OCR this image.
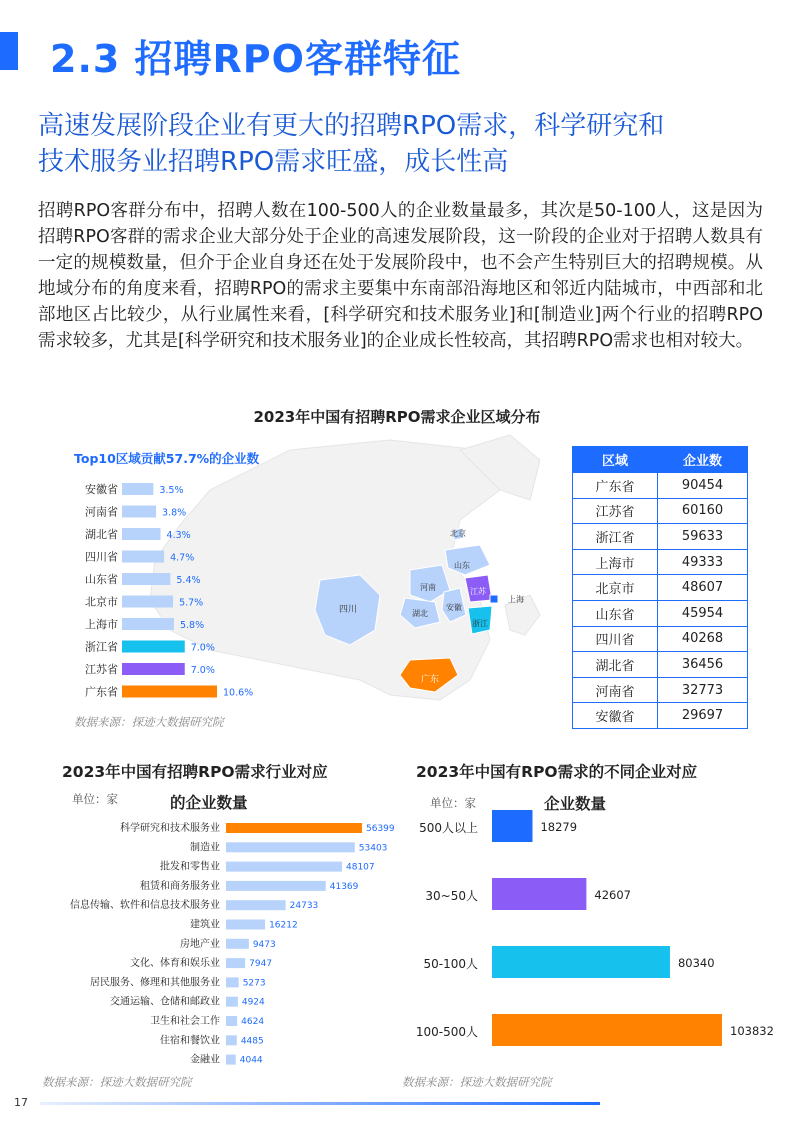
2.3 招聘RPO客群特征
高速发展阶段企业有更大的招聘RPO需求，科学研究和
技术服务业招聘RPO需求旺盛，成长性高
招聘RPO客群分布中，招聘人数在100-500人的企业数量最多，其次是50-100人，这是因为招聘RPO客群的需求企业大部分处于企业的高速发展阶段，这一阶段的企业对于招聘人数具有一定的规模数量，但介于企业自身还在处于发展阶段中，也不会产生特别巨大的招聘规模。从地域分布的角度来看，招聘RPO的需求主要集中东南部沿海地区和邻近内陆城市，中西部和北部地区占比较少，从行业属性来看，[科学研究和技术服务业]和[制造业]两个行业的招聘RPO需求较多，尤其是[科学研究和技术服务业]的企业成长性较高，其招聘RPO需求也相对较大。
2023年中国有招聘RPO需求企业区域分布
北京
山东
河南	江苏
湖北
安徽
上海
四川
浙江
广东
Top10区域贡献57.7%的企业数
安徽省	3.5%
河南省	3.8%
湖北省	4.3%
四川省	4.7%
山东省	5.4%
北京市	5.7%
上海市	5.8%
浙江省	7.0%
江苏省	7.0%
广东省	10.6%
数据来源：探迹大数据研究院
区域	企业数
广东省	90454
江苏省	60160
浙江省	59633
上海市	49333
北京市	48607
山东省	45954
四川省	40268
湖北省	36456
河南省	32773
安徽省	29697
2023年中国有招聘RPO需求行业对应
单位：家	的企业数量
科学研究和技术服务业	56399
制造业	53403
批发和零售业	48107
租赁和商务服务业	41369
信息传输、软件和信息技术服务业	24733
建筑业	16212
房地产业	9473
文化、体育和娱乐业	7947
居民服务、修理和其他服务业	5273
交通运输、仓储和邮政业 4924
卫生和社会工作 4624
住宿和餐饮业 4485
金融业 4044
数据来源：探迹大数据研究院
2023年中国有RPO需求的不同企业对应
单位：家	企业数量
500人以上	18279
30~50人	42607
50-100人	80340
100-500人	103832
数据来源：探迹大数据研究院
17
